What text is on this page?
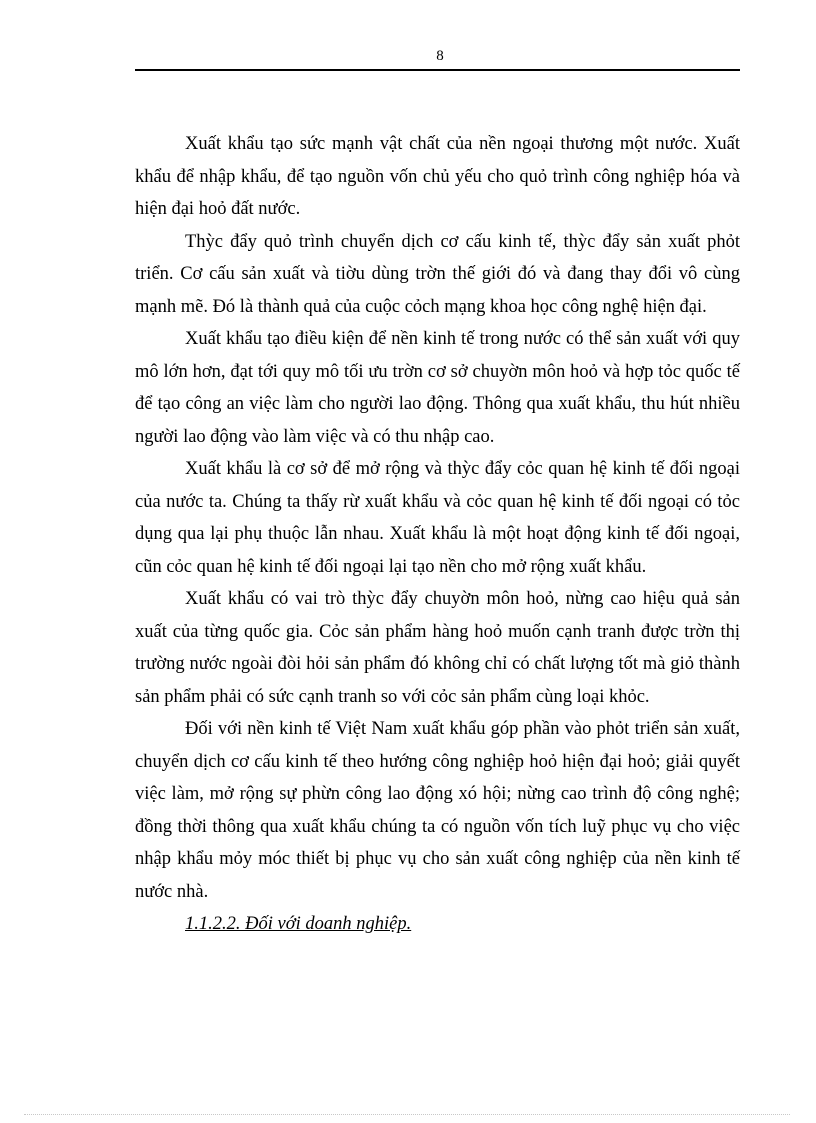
8

Xuất khẩu tạo sức mạnh vật chất của nền ngoại thương một nước. Xuất khẩu để nhập khẩu, để tạo nguồn vốn chủ yếu cho quỏ trình công nghiệp hóa và hiện đại hoỏ đất nước.

Thỳc đẩy quỏ trình chuyển dịch cơ cấu kinh tế, thỳc đẩy sản xuất phỏt triển. Cơ cấu sản xuất và tiờu dùng trờn thế giới đó và đang thay đổi vô cùng mạnh mẽ. Đó là thành quả của cuộc cỏch mạng khoa học công nghệ hiện đại.

Xuất khẩu tạo điều kiện để nền kinh tế trong nước có thể sản xuất với quy mô lớn hơn, đạt tới quy mô tối ưu trờn cơ sở chuyờn môn hoỏ và hợp tỏc quốc tế để tạo công an việc làm cho người lao động. Thông qua xuất khẩu, thu hút nhiều người lao động vào làm việc và có thu nhập cao.

Xuất khẩu là cơ sở để mở rộng và thỳc đẩy cỏc quan hệ kinh tế đối ngoại của nước ta. Chúng ta thấy rừ xuất khẩu và cỏc quan hệ kinh tế đối ngoại có tỏc dụng qua lại phụ thuộc lẫn nhau. Xuất khẩu là một hoạt động kinh tế đối ngoại, cũn cỏc quan hệ kinh tế đối ngoại lại tạo nền cho mở rộng xuất khẩu.

Xuất khẩu có vai trò thỳc đẩy chuyờn môn hoỏ, nừng cao hiệu quả sản xuất của từng quốc gia. Cỏc sản phẩm hàng hoỏ muốn cạnh tranh được trờn thị trường nước ngoài đòi hỏi sản phẩm đó không chỉ có chất lượng tốt mà giỏ thành sản phẩm phải có sức cạnh tranh so với cỏc sản phẩm cùng loại khỏc.

Đối với nền kinh tế Việt Nam xuất khẩu góp phần vào phỏt triển sản xuất, chuyển dịch cơ cấu kinh tế theo hướng công nghiệp hoỏ hiện đại hoỏ; giải quyết việc làm, mở rộng sự phừn công lao động xó hội; nừng cao trình độ công nghệ; đồng thời thông qua xuất khẩu chúng ta có nguồn vốn tích luỹ phục vụ cho việc nhập khẩu mỏy móc thiết bị phục vụ cho sản xuất công nghiệp của nền kinh tế nước nhà.

1.1.2.2. Đối với doanh nghiệp.
